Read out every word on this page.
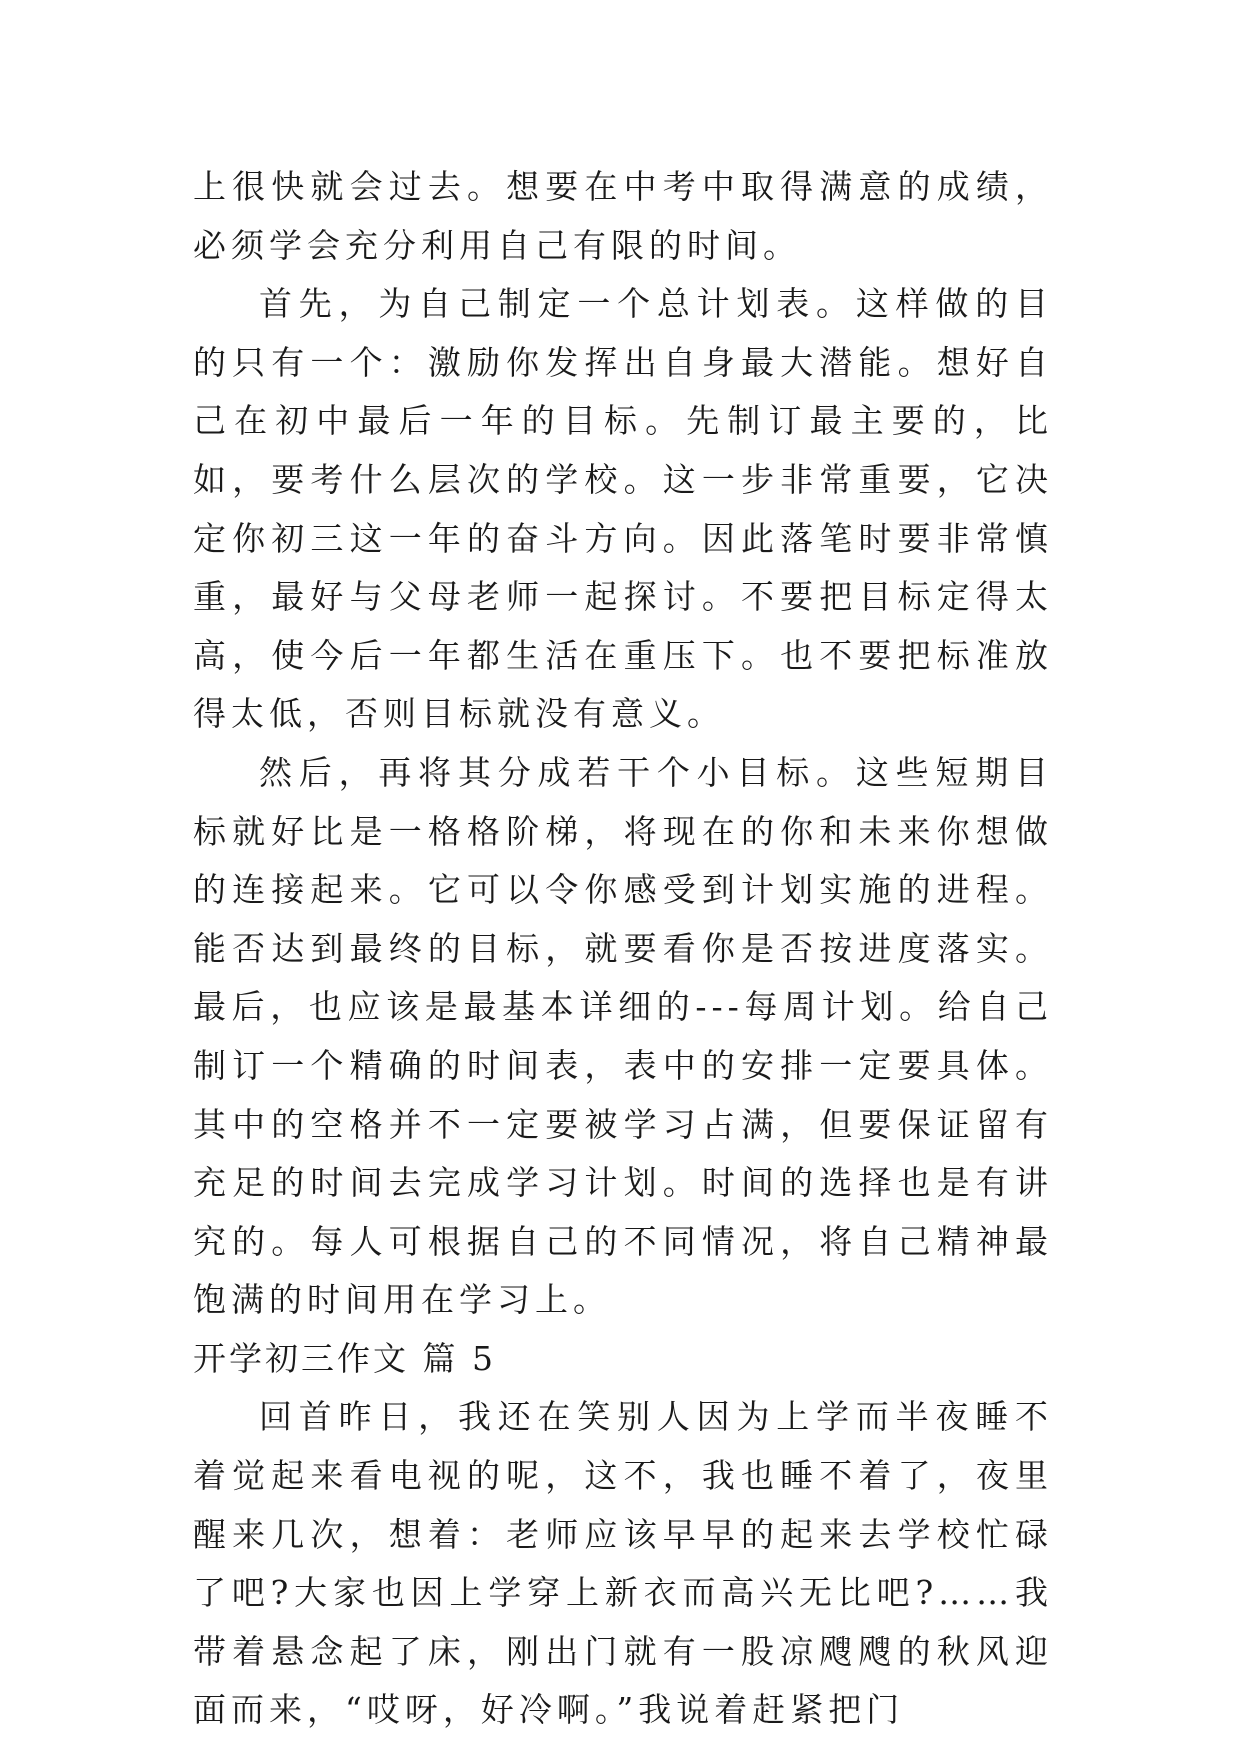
上很快就会过去。想要在中考中取得满意的成绩，必须学会充分利用自己有限的时间。

首先，为自己制定一个总计划表。这样做的目的只有一个：激励你发挥出自身最大潜能。想好自己在初中最后一年的目标。先制订最主要的，比如，要考什么层次的学校。这一步非常重要，它决定你初三这一年的奋斗方向。因此落笔时要非常慎重，最好与父母老师一起探讨。不要把目标定得太高，使今后一年都生活在重压下。也不要把标准放得太低，否则目标就没有意义。

然后，再将其分成若干个小目标。这些短期目标就好比是一格格阶梯，将现在的你和未来你想做的连接起来。它可以令你感受到计划实施的进程。能否达到最终的目标，就要看你是否按进度落实。最后，也应该是最基本详细的---每周计划。给自己制订一个精确的时间表，表中的安排一定要具体。其中的空格并不一定要被学习占满，但要保证留有充足的时间去完成学习计划。时间的选择也是有讲究的。每人可根据自己的不同情况，将自己精神最饱满的时间用在学习上。

开学初三作文 篇 5

回首昨日，我还在笑别人因为上学而半夜睡不着觉起来看电视的呢，这不，我也睡不着了，夜里醒来几次，想着：老师应该早早的起来去学校忙碌了吧?大家也因上学穿上新衣而高兴无比吧?……我带着悬念起了床，刚出门就有一股凉飕飕的秋风迎面而来，“哎呀，好冷啊。”我说着赶紧把门
